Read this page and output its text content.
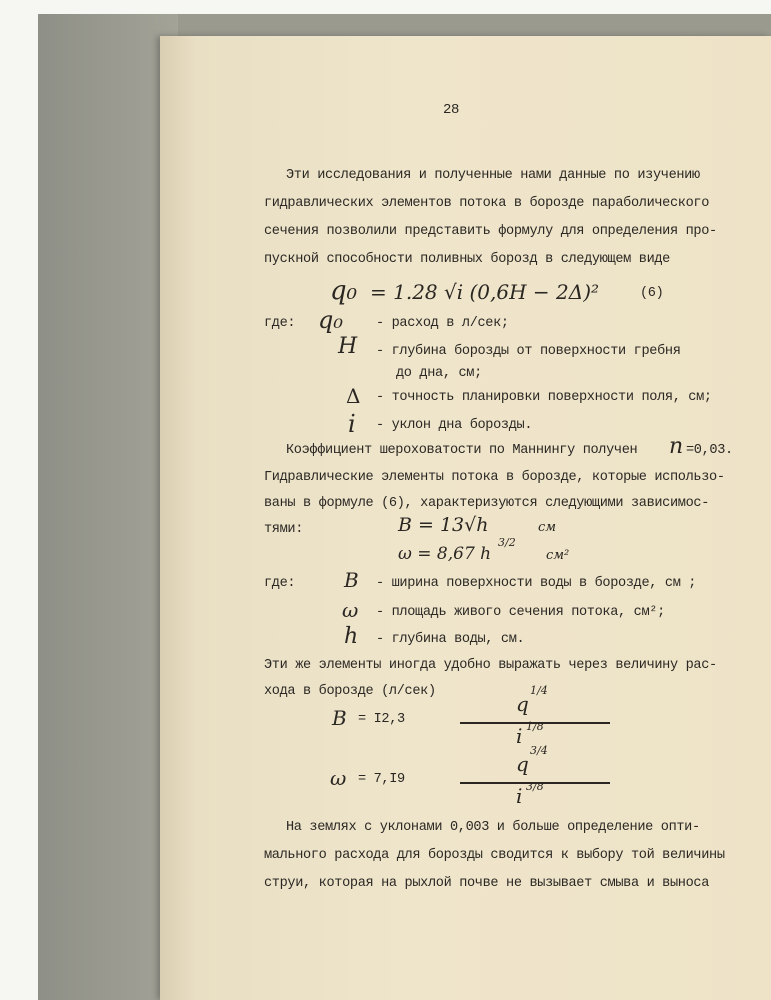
28
Эти исследования и полученные нами данные по изучению
гидравлических элементов потока в борозде параболического
сечения позволили представить формулу для определения про-
пускной способности поливных борозд в следующем виде
q₀ = 1.28 √i (0,6H − 2Δ)²	(6)
где: q₀ - расход в л/сек;
H - глубина борозды от поверхности гребня
до дна, см;
Δ - точность планировки поверхности поля, см;
i - уклон дна борозды.
Коэффициент шероховатости по Маннингу получен n =0,03.
Гидравлические элементы потока в борозде, которые использо-
ваны в формуле (6), характеризуются следующими зависимос-
тями:	B = 13√h	см
ω = 8,67 h
3/2
см²
где: B - ширина поверхности воды в борозде, см ;
ω - площадь живого сечения потока, см²;
h - глубина воды, см.
Эти же элементы иногда удобно выражать через величину рас-
хода в борозде (л/сек)
B = I2,3
q
1/4
i 1/8
ω = 7,I9
q
3/4
i 3/8
На землях с уклонами 0,003 и больше определение опти-
мального расхода для борозды сводится к выбору той величины
струи, которая на рыхлой почве не вызывает смыва и выноса
